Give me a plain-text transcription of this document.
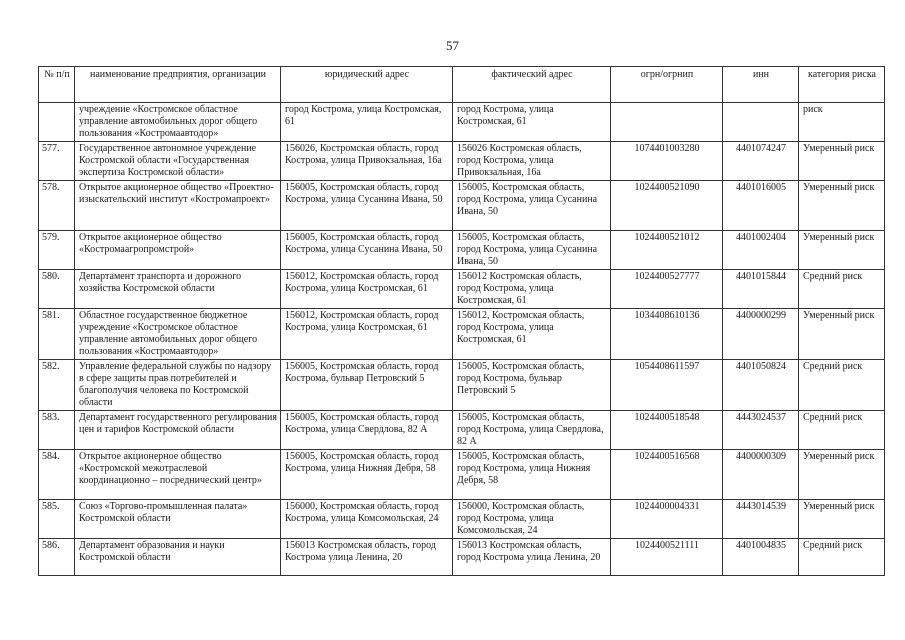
57
№ п/п	наименование предприятия, организации	юридический адрес	фактический адрес	огрн/огрнип	инн	категория риска
	учреждение «Костромское областное управление автомобильных дорог общего пользования «Костромаавтодор»	город Кострома, улица Костромская, 61	город Кострома, улица Костромская, 61			риск
577.	Государственное автономное учреждение Костромской области «Государственная экспертиза Костромской области»	156026, Костромская область, город Кострома, улица Привокзальная, 16а	156026 Костромская область, город Кострома, улица Привокзальная, 16а	1074401003280	4401074247	Умеренный риск
578.	Открытое акционерное общество «Проектно-изыскательский институт «Костромапроект»	156005, Костромская область, город Кострома, улица Сусанина Ивана, 50	156005, Костромская область, город Кострома, улица Сусанина Ивана, 50	1024400521090	4401016005	Умеренный риск
579.	Открытое акционерное общество «Костромаагропромстрой»	156005, Костромская область, город Кострома, улица Сусанина Ивана, 50	156005, Костромская область, город Кострома, улица Сусанина Ивана, 50	1024400521012	4401002404	Умеренный риск
580.	Департамент транспорта и дорожного хозяйства Костромской области	156012, Костромская область, город Кострома, улица Костромская, 61	156012 Костромская область, город Кострома, улица Костромская, 61	1024400527777	4401015844	Средний риск
581.	Областное государственное бюджетное учреждение «Костромское областное управление автомобильных дорог общего пользования «Костромаавтодор»	156012, Костромская область, город Кострома, улица Костромская, 61	156012, Костромская область, город Кострома, улица Костромская, 61	1034408610136	4400000299	Умеренный риск
582.	Управление федеральной службы по надзору в сфере защиты прав потребителей и благополучия человека по Костромской области	156005, Костромская область, город Кострома, бульвар Петровский 5	156005, Костромская область, город Кострома, бульвар Петровский 5	1054408611597	4401050824	Средний риск
583.	Департамент государственного регулирования цен и тарифов Костромской области	156005, Костромская область, город Кострома, улица Свердлова, 82 А	156005, Костромская область, город Кострома, улица Свердлова, 82 А	1024400518548	4443024537	Средний риск
584.	Открытое акционерное общество «Костромской межотраслевой координационно – посреднический центр»	156005, Костромская область, город Кострома, улица Нижняя Дебря, 58	156005, Костромская область, город Кострома, улица Нижняя Дебря, 58	1024400516568	4400000309	Умеренный риск
585.	Союз «Торгово-промышленная палата» Костромской области	156000, Костромская область, город Кострома, улица Комсомольская, 24	156000, Костромская область, город Кострома, улица Комсомольская, 24	1024400004331	4443014539	Умеренный риск
586.	Департамент образования и науки Костромской области	156013 Костромская область, город Кострома улица Ленина, 20	156013 Костромская область, город Кострома улица Ленина, 20	1024400521111	4401004835	Средний риск
